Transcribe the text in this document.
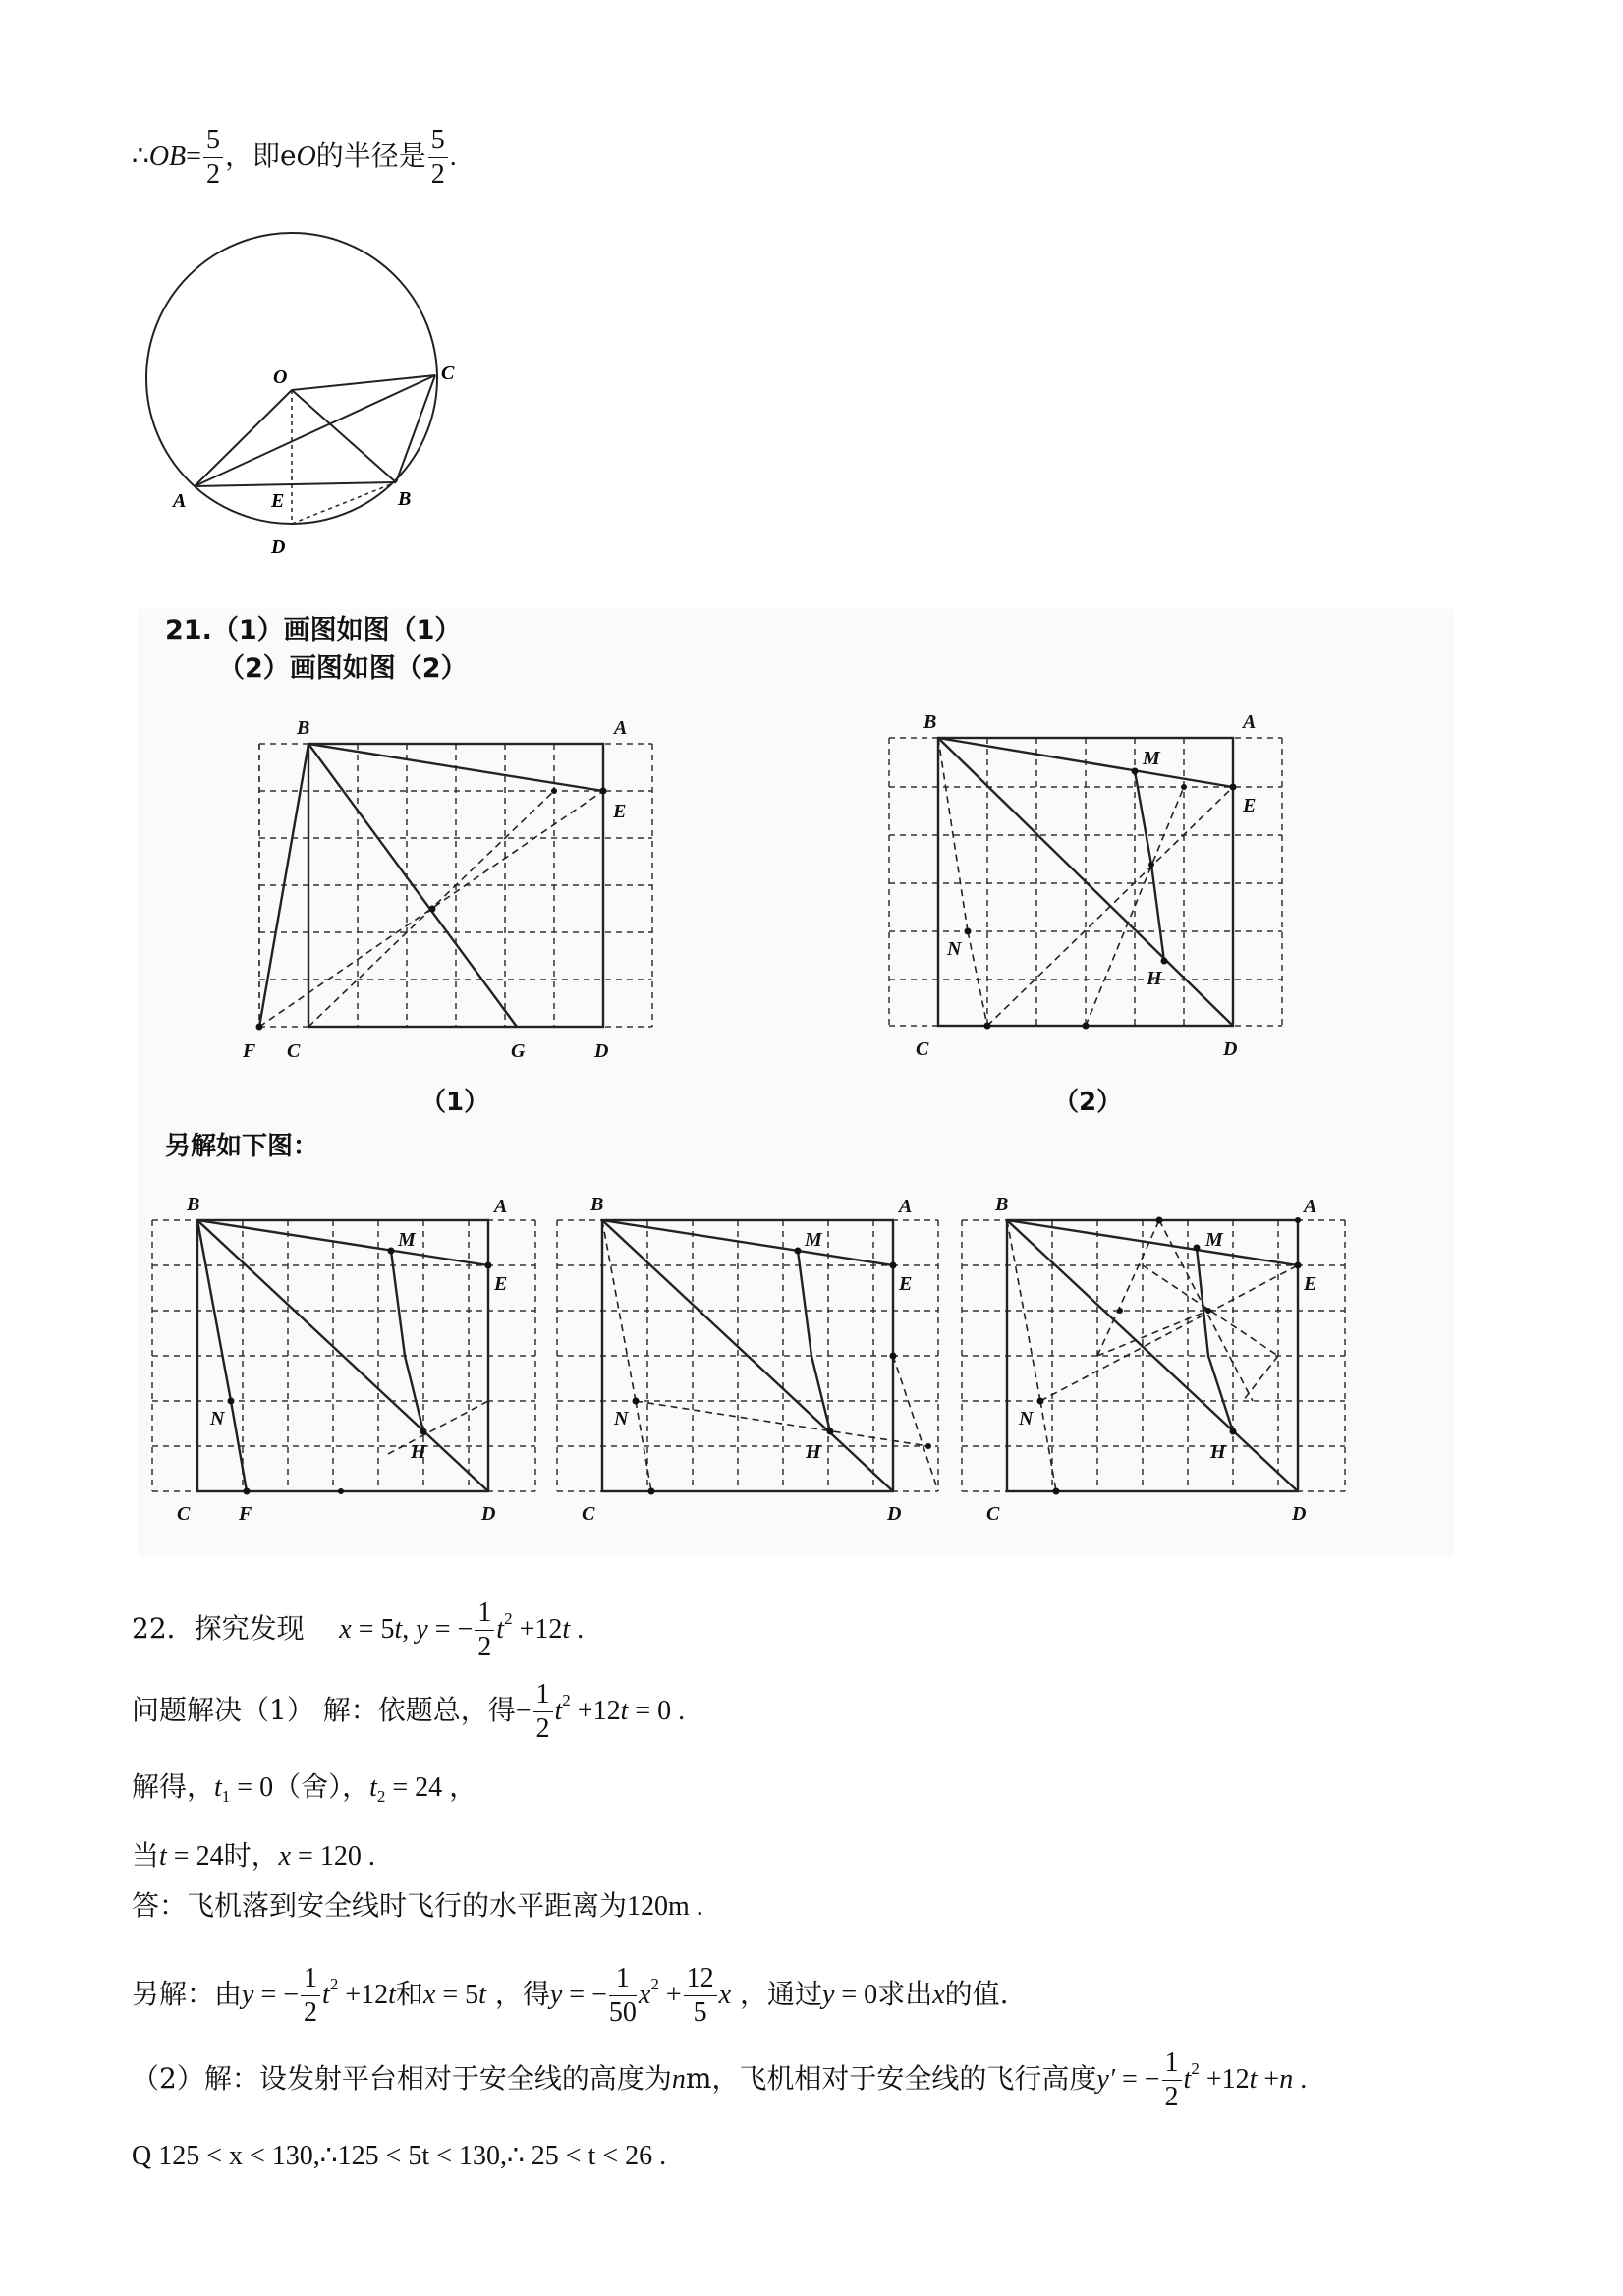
∴OB= $\frac{5}{2}$ ，即eO的半径是 $\frac{5}{2}$ .
O	C
A	E	B
D
21.（1）画图如图（1）
（2）画图如图（2）
B	A
E
F C	G	D
（1）
B	A
M
E
N
H
C	D
（2）
另解如下图：
B	A
M
E
N
H
C F	D
B	A
M
E
N
H
C	D
B	A
M
E
N
H
C	D
22．探究发现 x = 5t, y = − $\frac{1}{2} t^2 +12t$ .
问题解决（1） 解：依题总，得− $\frac{1}{2} t^2 +12t = 0$ .
解得，$t_1 = 0$（舍），$t_2 = 24$ ，
当t = 24时，x = 120 .
答：飞机落到安全线时飞行的水平距离为120m .
另解：由y = − $\frac{1}{2} t^2 +12t$和x = 5t ，得y = − $\frac{1}{50} x^2 + \frac{12}{5}$ x ，通过y = 0求出x的值.
（2）解：设发射平台相对于安全线的高度为nm，飞机相对于安全线的飞行高度y′ = − $\frac{1}{2} t^2 +12t +n$ .
Q 125 < x < 130,∴125 < 5t < 130,∴ 25 < t < 26 .
